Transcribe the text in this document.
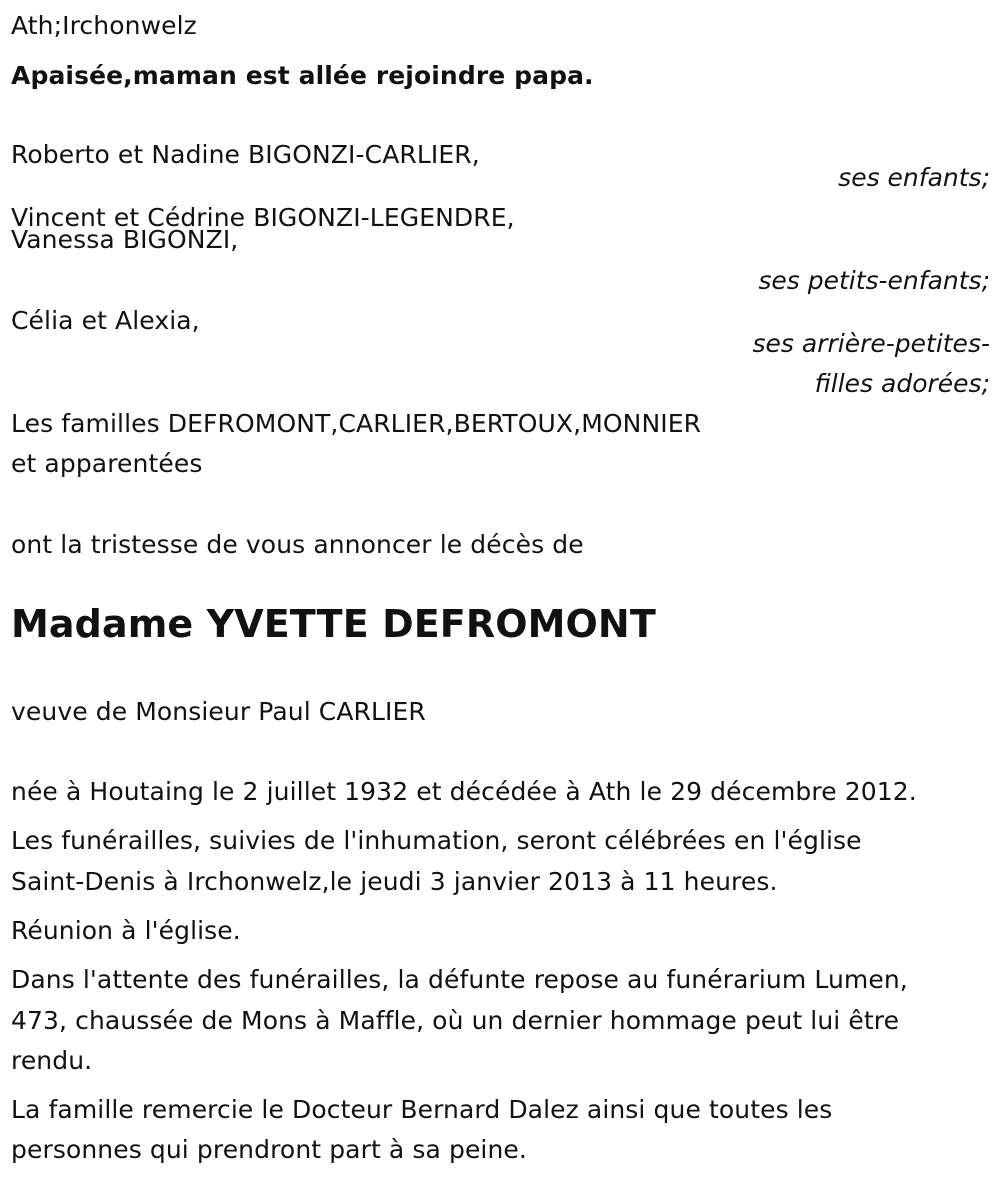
Ath;Irchonwelz
Apaisée,maman est allée rejoindre papa.
Roberto et Nadine BIGONZI-CARLIER,
ses enfants;
Vincent et Cédrine BIGONZI-LEGENDRE,
Vanessa BIGONZI,
ses petits-enfants;
Célia et Alexia,
ses arrière-petites-
filles adorées;
Les familles DEFROMONT,CARLIER,BERTOUX,MONNIER
et apparentées
ont la tristesse de vous annoncer le décès de
Madame YVETTE DEFROMONT
veuve de Monsieur Paul CARLIER
née à Houtaing le 2 juillet 1932 et décédée à Ath le 29 décembre 2012.
Les funérailles, suivies de l'inhumation, seront célébrées en l'église
Saint-Denis à Irchonwelz,le jeudi 3 janvier 2013 à 11 heures.
Réunion à l'église.
Dans l'attente des funérailles, la défunte repose au funérarium Lumen,
473, chaussée de Mons à Maffle, où un dernier hommage peut lui être
rendu.
La famille remercie le Docteur Bernard Dalez ainsi que toutes les
personnes qui prendront part à sa peine.
